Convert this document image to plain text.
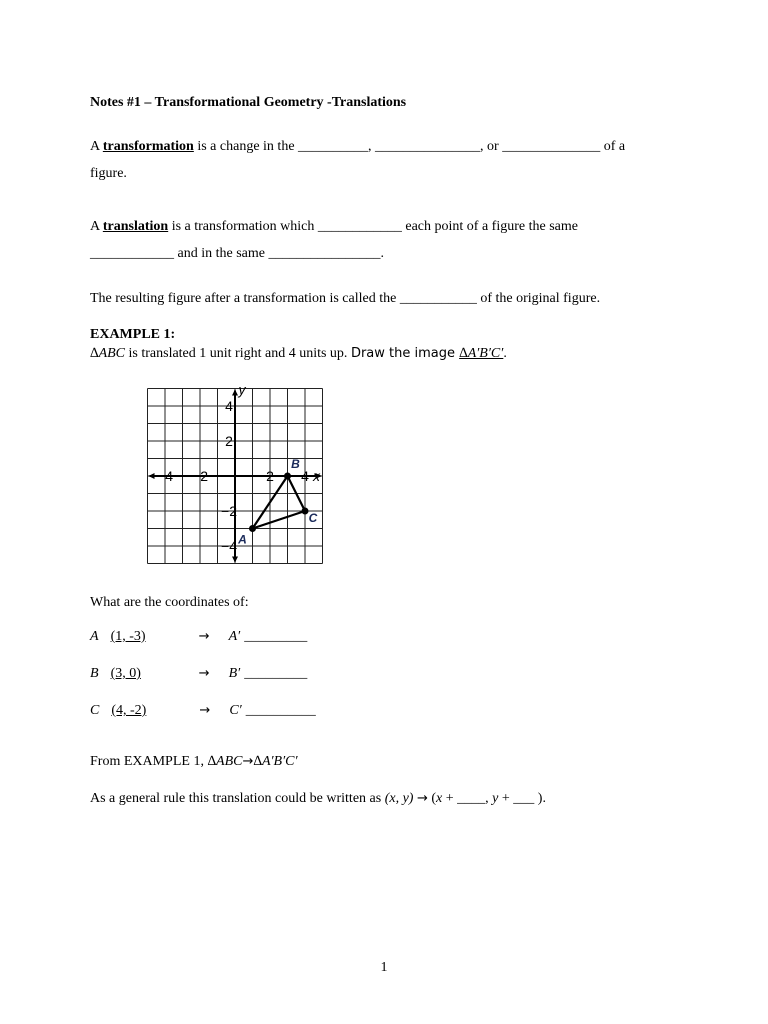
Notes #1 – Transformational Geometry -Translations
A transformation is a change in the __________, _______________, or ______________ of a
figure.
A translation is a transformation which ____________ each point of a figure the same
____________ and in the same ________________.
The resulting figure after a transformation is called the ___________ of the original figure.
EXAMPLE 1:
∆ABC is translated 1 unit right and 4 units up. Draw the image ∆A′B′C′.
−4 −2	2 4
4
2
−2
−4
x
y
A
B
C
What are the coordinates of:
A (1, -3)	→ A′ _________
B (3, 0)	→ B′ _________
C (4, -2)	→ C′ __________
From EXAMPLE 1, ∆ABC→∆A′B′C′
As a general rule this translation could be written as (x, y) → (x + ____, y + ___ ).
1
